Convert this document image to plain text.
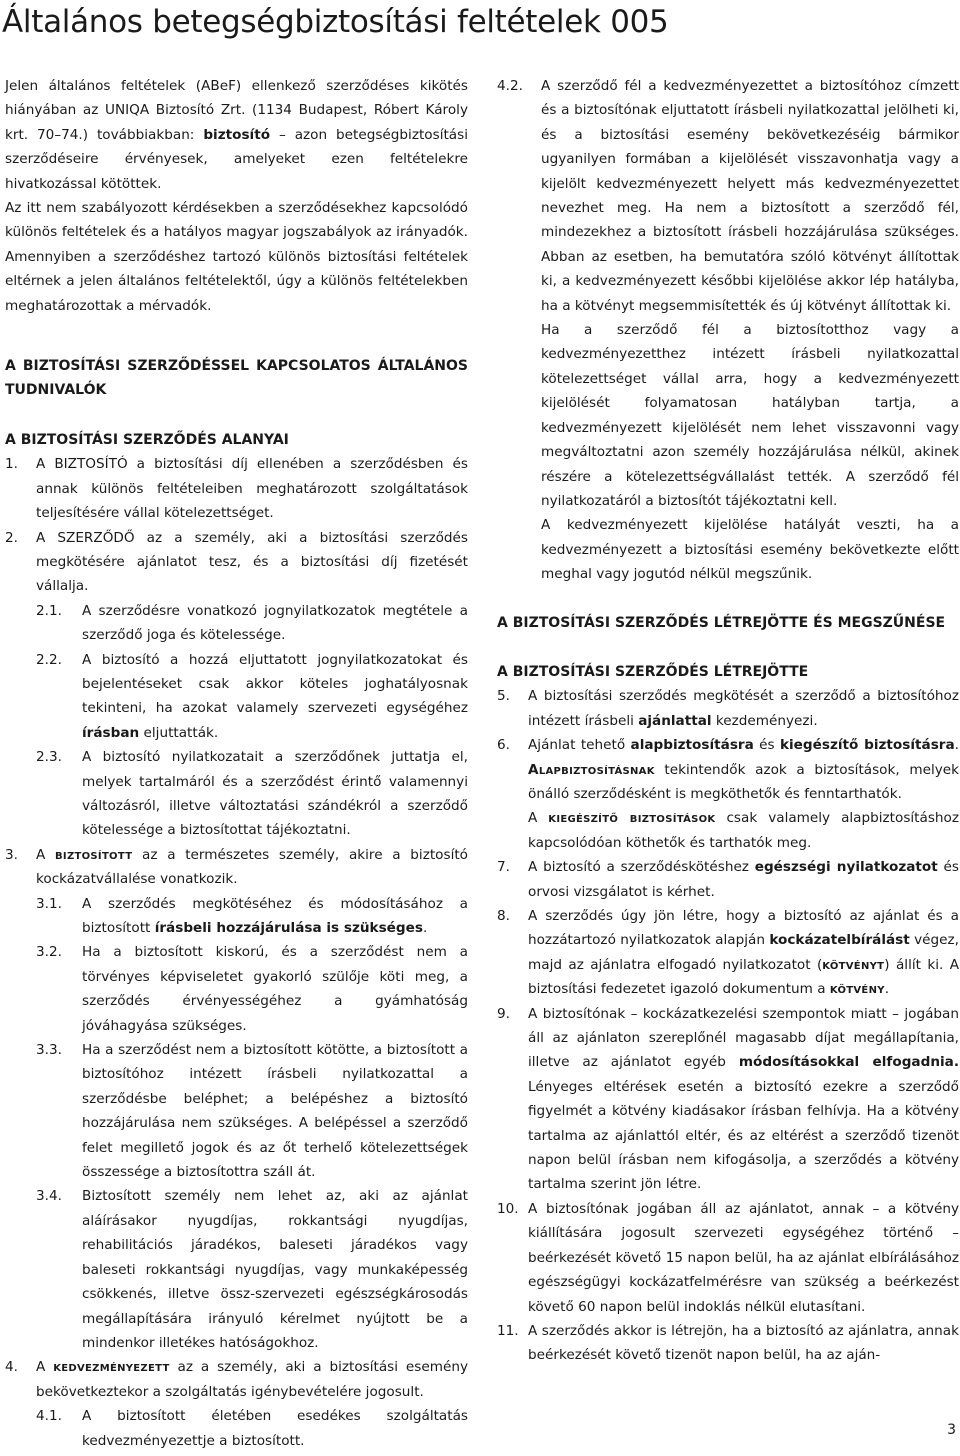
Általános betegségbiztosítási feltételek 005

Jelen általános feltételek (ABeF) ellenkező szerződéses kikötés hiányában az UNIQA Biztosító Zrt. (1134 Budapest, Róbert Károly krt. 70–74.) továbbiakban: biztosító – azon betegségbiztosítási szerződéseire érvényesek, amelyeket ezen feltételekre hivatkozással kötöttek.

Az itt nem szabályozott kérdésekben a szerződésekhez kapcsolódó különös feltételek és a hatályos magyar jogszabályok az irányadók. Amennyiben a szerződéshez tartozó különös biztosítási feltételek eltérnek a jelen általános feltételektől, úgy a különös feltételekben meghatározottak a mérvadók.

A BIZTOSÍTÁSI SZERZŐDÉSSEL KAPCSOLATOS ÁLTALÁNOS TUDNIVALÓK

A BIZTOSÍTÁSI SZERZŐDÉS ALANYAI

1.	A BIZTOSÍTÓ a biztosítási díj ellenében a szerződésben és annak különös feltételeiben meghatározott szolgáltatások teljesítésére vállal kötelezettséget.
2.	A SZERZŐDŐ az a személy, aki a biztosítási szerződés megkötésére ajánlatot tesz, és a biztosítási díj fizetését vállalja.
2.1.	A szerződésre vonatkozó jognyilatkozatok megtétele a szerződő joga és kötelessége.
2.2.	A biztosító a hozzá eljuttatott jognyilatkozatokat és bejelentéseket csak akkor köteles joghatályosnak tekinteni, ha azokat valamely szervezeti egységéhez írásban eljuttatták.
2.3.	A biztosító nyilatkozatait a szerződőnek juttatja el, melyek tartalmáról és a szerződést érintő valamennyi változásról, illetve változtatási szándékról a szerződő kötelessége a biztosítottat tájékoztatni.
3.	A biztosított az a természetes személy, akire a biztosító kockázatvállalése vonatkozik.
3.1.	A szerződés megkötéséhez és módosításához a biztosított írásbeli hozzájárulása is szükséges.
3.2.	Ha a biztosított kiskorú, és a szerződést nem a törvényes képviseletet gyakorló szülője köti meg, a szerződés érvényességéhez a gyámhatóság jóváhagyása szükséges.
3.3.	Ha a szerződést nem a biztosított kötötte, a biztosított a biztosítóhoz intézett írásbeli nyilatkozattal a szerződésbe beléphet; a belépéshez a biztosító hozzájárulása nem szükséges. A belépéssel a szerződő felet megillető jogok és az őt terhelő kötelezettségek összessége a biztosítottra száll át.
3.4.	Biztosított személy nem lehet az, aki az ajánlat aláírásakor nyugdíjas, rokkantsági nyugdíjas, rehabilitációs járadékos, baleseti járadékos vagy baleseti rokkantsági nyugdíjas, vagy munkaképesség csökkenés, illetve össz-szervezeti egészségkárosodás megállapítására irányuló kérelmet nyújtott be a mindenkor illetékes hatóságokhoz.
4.	A kedvezményezett az a személy, aki a biztosítási esemény bekövetkeztekor a szolgáltatás igénybevételére jogosult.
4.1.	A biztosított életében esedékes szolgáltatás kedvezményezettje a biztosított.
4.2.	A szerződő fél a kedvezményezettet a biztosítóhoz címzett és a biztosítónak eljuttatott írásbeli nyilatkozattal jelölheti ki, és a biztosítási esemény bekövetkezéséig bármikor ugyanilyen formában a kijelölését visszavonhatja vagy a kijelölt kedvezményezett helyett más kedvezményezettet nevezhet meg. Ha nem a biztosított a szerződő fél, mindezekhez a biztosított írásbeli hozzájárulása szükséges. Abban az esetben, ha bemutatóra szóló kötvényt állítottak ki, a kedvezményezett későbbi kijelölése akkor lép hatályba, ha a kötvényt megsemmisítették és új kötvényt állítottak ki.

Ha a szerződő fél a biztosítotthoz vagy a kedvezményezetthez intézett írásbeli nyilatkozattal kötelezettséget vállal arra, hogy a kedvezményezett kijelölését folyamatosan hatályban tartja, a kedvezményezett kijelölését nem lehet visszavonni vagy megváltoztatni azon személy hozzájárulása nélkül, akinek részére a kötelezettségvállalást tették. A szerződő fél nyilatkozatáról a biztosítót tájékoztatni kell.

A kedvezményezett kijelölése hatályát veszti, ha a kedvezményezett a biztosítási esemény bekövetkezte előtt meghal vagy jogutód nélkül megszűnik.

A BIZTOSÍTÁSI SZERZŐDÉS LÉTREJÖTTE ÉS MEGSZŰNÉSE

A BIZTOSÍTÁSI SZERZŐDÉS LÉTREJÖTTE

5.	A biztosítási szerződés megkötését a szerződő a biztosítóhoz intézett írásbeli ajánlattal kezdeményezi.
6.	Ajánlat tehető alapbiztosításra és kiegészítő biztosításra. Alapbiztosításnak tekintendők azok a biztosítások, melyek önálló szerződésként is megköthetők és fenntarthatók.

A kiegészítő biztosítások csak valamely alapbiztosításhoz kapcsolódóan köthetők és tarthatók meg.

7.	A biztosító a szerződéskötéshez egészségi nyilatkozatot és orvosi vizsgálatot is kérhet.
8.	A szerződés úgy jön létre, hogy a biztosító az ajánlat és a hozzátartozó nyilatkozatok alapján kockázatelbírálást végez, majd az ajánlatra elfogadó nyilatkozatot (kötvényt) állít ki. A biztosítási fedezetet igazoló dokumentum a kötvény.
9.	A biztosítónak – kockázatkezelési szempontok miatt – jogában áll az ajánlaton szereplőnél magasabb díjat megállapítania, illetve az ajánlatot egyéb módosításokkal elfogadnia. Lényeges eltérések esetén a biztosító ezekre a szerződő figyelmét a kötvény kiadásakor írásban felhívja. Ha a kötvény tartalma az ajánlattól eltér, és az eltérést a szerződő tizenöt napon belül írásban nem kifogásolja, a szerződés a kötvény tartalma szerint jön létre.
10. A biztosítónak jogában áll az ajánlatot, annak – a kötvény kiállítására jogosult szervezeti egységéhez történő – beérkezését követő 15 napon belül, ha az ajánlat elbírálásához egészségügyi kockázatfelmérésre van szükség a beérkezést követő 60 napon belül indoklás nélkül elutasítani.
11. A szerződés akkor is létrejön, ha a biztosító az ajánlatra, annak beérkezését követő tizenöt napon belül, ha az aján-
3
